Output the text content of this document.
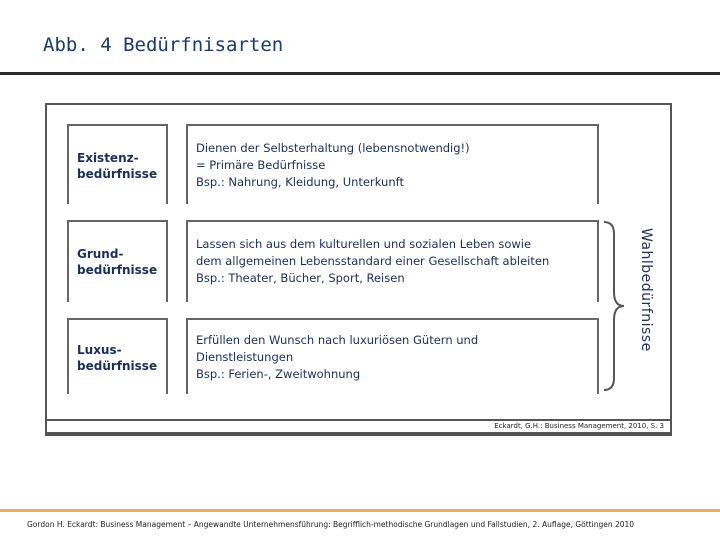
Abb. 4 Bedürfnisarten
Existenz-
bedürfnisse
Dienen der Selbsterhaltung (lebensnotwendig!)
= Primäre Bedürfnisse
Bsp.: Nahrung, Kleidung, Unterkunft
Grund-
bedürfnisse
Lassen sich aus dem kulturellen und sozialen Leben sowie
dem allgemeinen Lebensstandard einer Gesellschaft ableiten
Bsp.: Theater, Bücher, Sport, Reisen
Luxus-
bedürfnisse
Erfüllen den Wunsch nach luxuriösen Gütern und
Dienstleistungen
Bsp.: Ferien-, Zweitwohnung
Wahlbedürfnisse
Eckardt, G.H.: Business Management, 2010, S. 3
Gordon H. Eckardt: Business Management – Angewandte Unternehmensführung: Begrifflich-methodische Grundlagen und Fallstudien, 2. Auflage, Göttingen 2010
